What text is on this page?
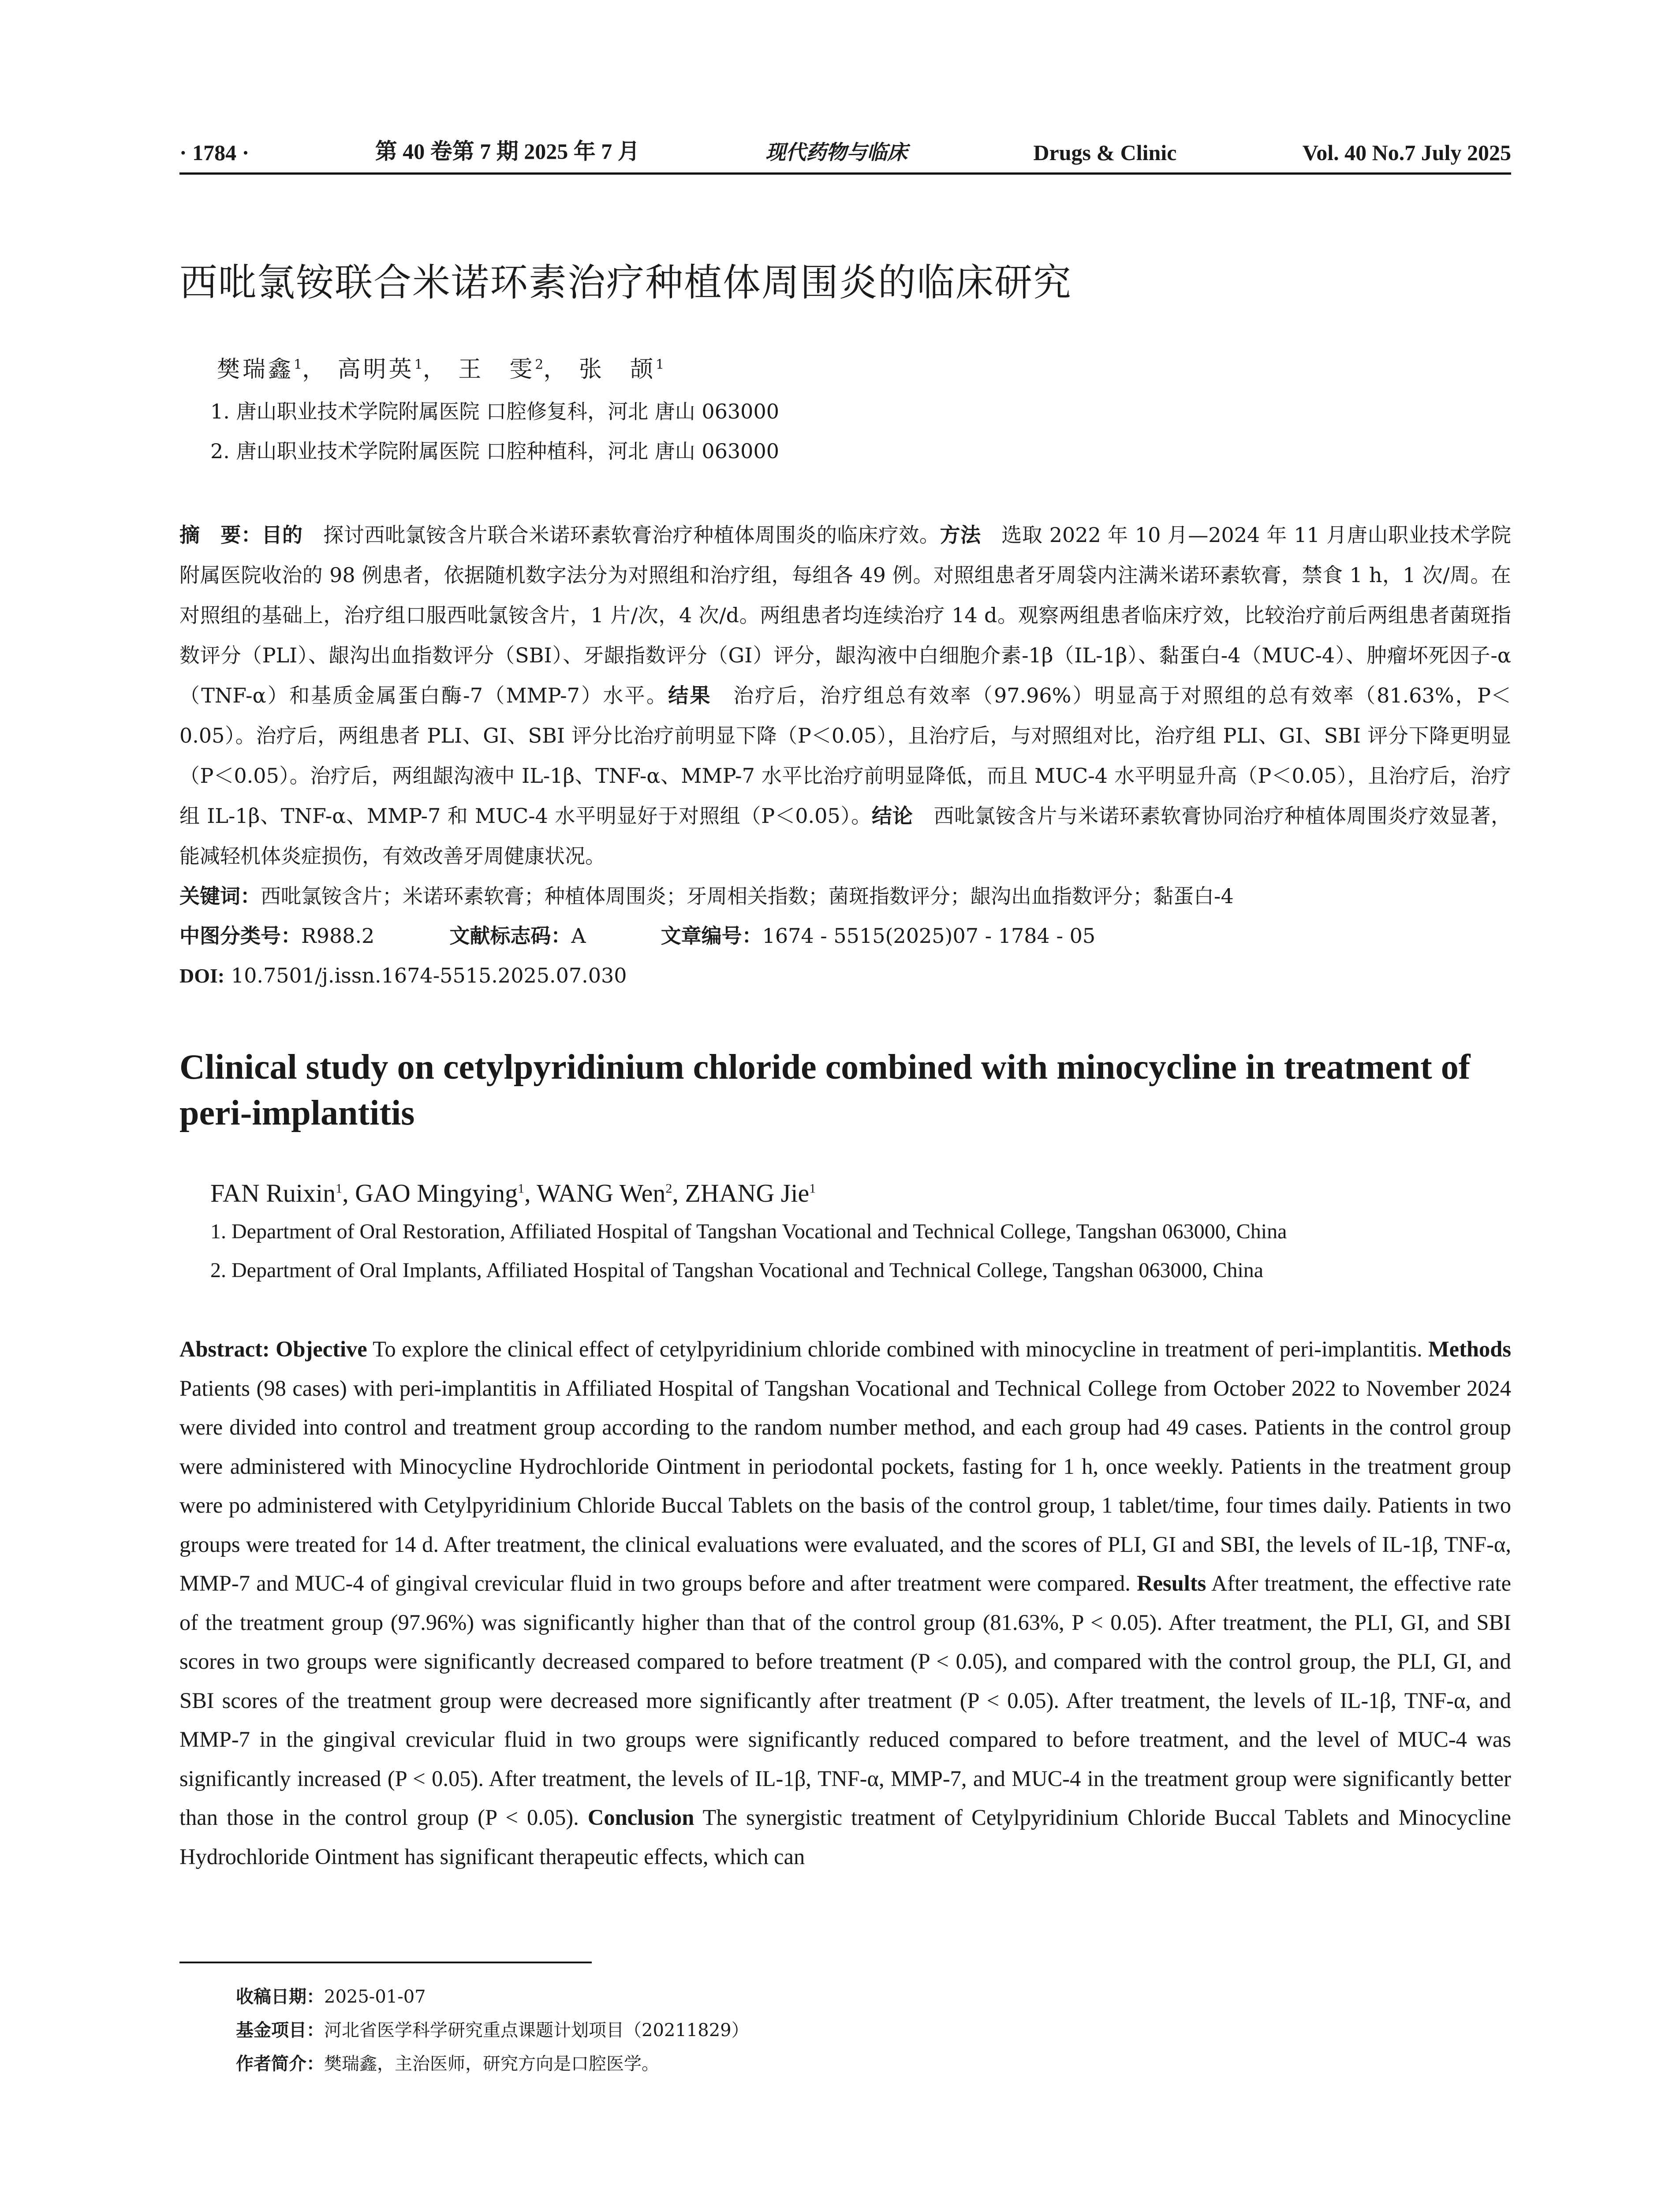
· 1784 ·	第 40 卷第 7 期 2025 年 7 月	现代药物与临床	Drugs & Clinic	Vol. 40 No.7 July 2025
西吡氯铵联合米诺环素治疗种植体周围炎的临床研究
樊瑞鑫$^1$， 高明英$^1$， 王　雯$^2$， 张　颉$^1$
1. 唐山职业技术学院附属医院 口腔修复科，河北 唐山 063000
2. 唐山职业技术学院附属医院 口腔种植科，河北 唐山 063000
摘　要：目的　探讨西吡氯铵含片联合米诺环素软膏治疗种植体周围炎的临床疗效。方法　选取 2022 年 10 月—2024 年 11 月唐山职业技术学院附属医院收治的 98 例患者，依据随机数字法分为对照组和治疗组，每组各 49 例。对照组患者牙周袋内注满米诺环素软膏，禁食 1 h，1 次/周。在对照组的基础上，治疗组口服西吡氯铵含片，1 片/次，4 次/d。两组患者均连续治疗 14 d。观察两组患者临床疗效，比较治疗前后两组患者菌斑指数评分（PLI）、龈沟出血指数评分（SBI）、牙龈指数评分（GI）评分，龈沟液中白细胞介素-1β（IL-1β）、黏蛋白-4（MUC-4）、肿瘤坏死因子-α（TNF-α）和基质金属蛋白酶-7（MMP-7）水平。结果　治疗后，治疗组总有效率（97.96%）明显高于对照组的总有效率（81.63%，P＜0.05）。治疗后，两组患者 PLI、GI、SBI 评分比治疗前明显下降（P＜0.05），且治疗后，与对照组对比，治疗组 PLI、GI、SBI 评分下降更明显（P＜0.05）。治疗后，两组龈沟液中 IL-1β、TNF-α、MMP-7 水平比治疗前明显降低，而且 MUC-4 水平明显升高（P＜0.05），且治疗后，治疗组 IL-1β、TNF-α、MMP-7 和 MUC-4 水平明显好于对照组（P＜0.05）。结论　西吡氯铵含片与米诺环素软膏协同治疗种植体周围炎疗效显著，能减轻机体炎症损伤，有效改善牙周健康状况。
关键词：西吡氯铵含片；米诺环素软膏；种植体周围炎；牙周相关指数；菌斑指数评分；龈沟出血指数评分；黏蛋白-4
中图分类号：R988.2	文献标志码：A	文章编号：1674 - 5515(2025)07 - 1784 - 05
DOI: 10.7501/j.issn.1674-5515.2025.07.030
Clinical study on cetylpyridinium chloride combined with minocycline in treatment of peri-implantitis
FAN Ruixin$^1$, GAO Mingying$^1$, WANG Wen$^2$, ZHANG Jie$^1$
1. Department of Oral Restoration, Affiliated Hospital of Tangshan Vocational and Technical College, Tangshan 063000, China
2. Department of Oral Implants, Affiliated Hospital of Tangshan Vocational and Technical College, Tangshan 063000, China
Abstract: Objective To explore the clinical effect of cetylpyridinium chloride combined with minocycline in treatment of peri-implantitis. Methods Patients (98 cases) with peri-implantitis in Affiliated Hospital of Tangshan Vocational and Technical College from October 2022 to November 2024 were divided into control and treatment group according to the random number method, and each group had 49 cases. Patients in the control group were administered with Minocycline Hydrochloride Ointment in periodontal pockets, fasting for 1 h, once weekly. Patients in the treatment group were po administered with Cetylpyridinium Chloride Buccal Tablets on the basis of the control group, 1 tablet/time, four times daily. Patients in two groups were treated for 14 d. After treatment, the clinical evaluations were evaluated, and the scores of PLI, GI and SBI, the levels of IL-1β, TNF-α, MMP-7 and MUC-4 of gingival crevicular fluid in two groups before and after treatment were compared. Results After treatment, the effective rate of the treatment group (97.96%) was significantly higher than that of the control group (81.63%, P < 0.05). After treatment, the PLI, GI, and SBI scores in two groups were significantly decreased compared to before treatment (P < 0.05), and compared with the control group, the PLI, GI, and SBI scores of the treatment group were decreased more significantly after treatment (P < 0.05). After treatment, the levels of IL-1β, TNF-α, and MMP-7 in the gingival crevicular fluid in two groups were significantly reduced compared to before treatment, and the level of MUC-4 was significantly increased (P < 0.05). After treatment, the levels of IL-1β, TNF-α, MMP-7, and MUC-4 in the treatment group were significantly better than those in the control group (P < 0.05). Conclusion The synergistic treatment of Cetylpyridinium Chloride Buccal Tablets and Minocycline Hydrochloride Ointment has significant therapeutic effects, which can
收稿日期：2025-01-07
基金项目：河北省医学科学研究重点课题计划项目（20211829）
作者简介：樊瑞鑫，主治医师，研究方向是口腔医学。
